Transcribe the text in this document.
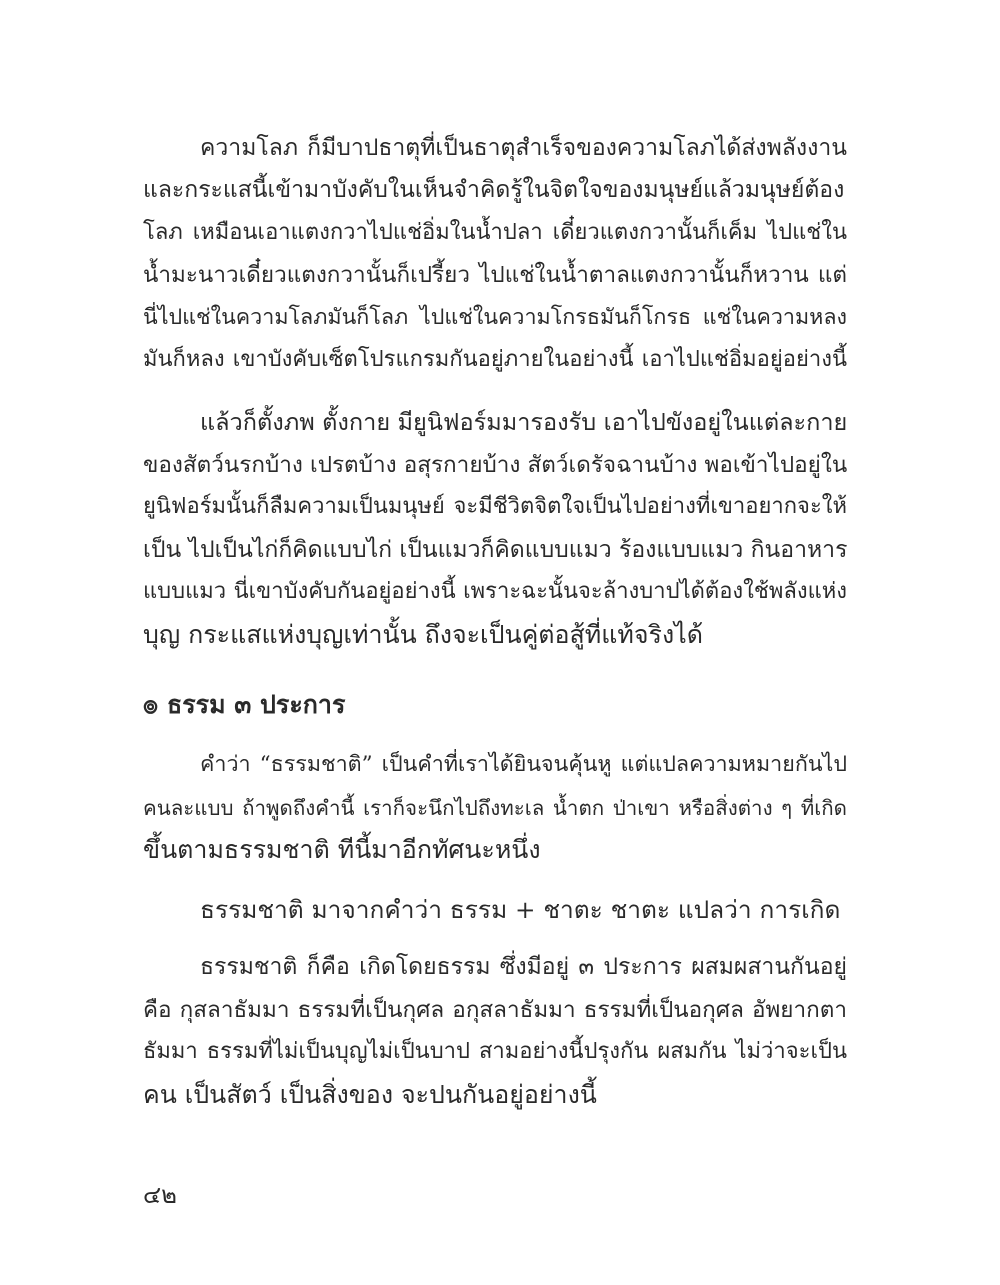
ความโลภ ก็มีบาปธาตุที่เป็นธาตุสำเร็จของความโลภได้ส่งพลังงาน
และกระแสนี้เข้ามาบังคับในเห็นจำคิดรู้ในจิตใจของมนุษย์แล้วมนุษย์ต้อง
โลภ เหมือนเอาแตงกวาไปแช่อิ่มในน้ำปลา เดี๋ยวแตงกวานั้นก็เค็ม ไปแช่ใน
น้ำมะนาวเดี๋ยวแตงกวานั้นก็เปรี้ยว ไปแช่ในน้ำตาลแตงกวานั้นก็หวาน แต่
นี่ไปแช่ในความโลภมันก็โลภ ไปแช่ในความโกรธมันก็โกรธ แช่ในความหลง
มันก็หลง เขาบังคับเซ็ตโปรแกรมกันอยู่ภายในอย่างนี้ เอาไปแช่อิ่มอยู่อย่างนี้
แล้วก็ตั้งภพ ตั้งกาย มียูนิฟอร์มมารองรับ เอาไปขังอยู่ในแต่ละกาย
ของสัตว์นรกบ้าง เปรตบ้าง อสุรกายบ้าง สัตว์เดรัจฉานบ้าง พอเข้าไปอยู่ใน
ยูนิฟอร์มนั้นก็ลืมความเป็นมนุษย์ จะมีชีวิตจิตใจเป็นไปอย่างที่เขาอยากจะให้
เป็น ไปเป็นไก่ก็คิดแบบไก่ เป็นแมวก็คิดแบบแมว ร้องแบบแมว กินอาหาร
แบบแมว นี่เขาบังคับกันอยู่อย่างนี้ เพราะฉะนั้นจะล้างบาปได้ต้องใช้พลังแห่ง
บุญ กระแสแห่งบุญเท่านั้น ถึงจะเป็นคู่ต่อสู้ที่แท้จริงได้
๏ ธรรม ๓ ประการ
คำว่า “ธรรมชาติ” เป็นคำที่เราได้ยินจนคุ้นหู แต่แปลความหมายกันไป
คนละแบบ ถ้าพูดถึงคำนี้ เราก็จะนึกไปถึงทะเล น้ำตก ป่าเขา หรือสิ่งต่าง ๆ ที่เกิด
ขึ้นตามธรรมชาติ ทีนี้มาอีกทัศนะหนึ่ง
ธรรมชาติ มาจากคำว่า ธรรม + ชาตะ ชาตะ แปลว่า การเกิด
ธรรมชาติ ก็คือ เกิดโดยธรรม ซึ่งมีอยู่ ๓ ประการ ผสมผสานกันอยู่
คือ กุสลาธัมมา ธรรมที่เป็นกุศล อกุสลาธัมมา ธรรมที่เป็นอกุศล อัพยากตา
ธัมมา ธรรมที่ไม่เป็นบุญไม่เป็นบาป สามอย่างนี้ปรุงกัน ผสมกัน ไม่ว่าจะเป็น
คน เป็นสัตว์ เป็นสิ่งของ จะปนกันอยู่อย่างนี้
๔๒
